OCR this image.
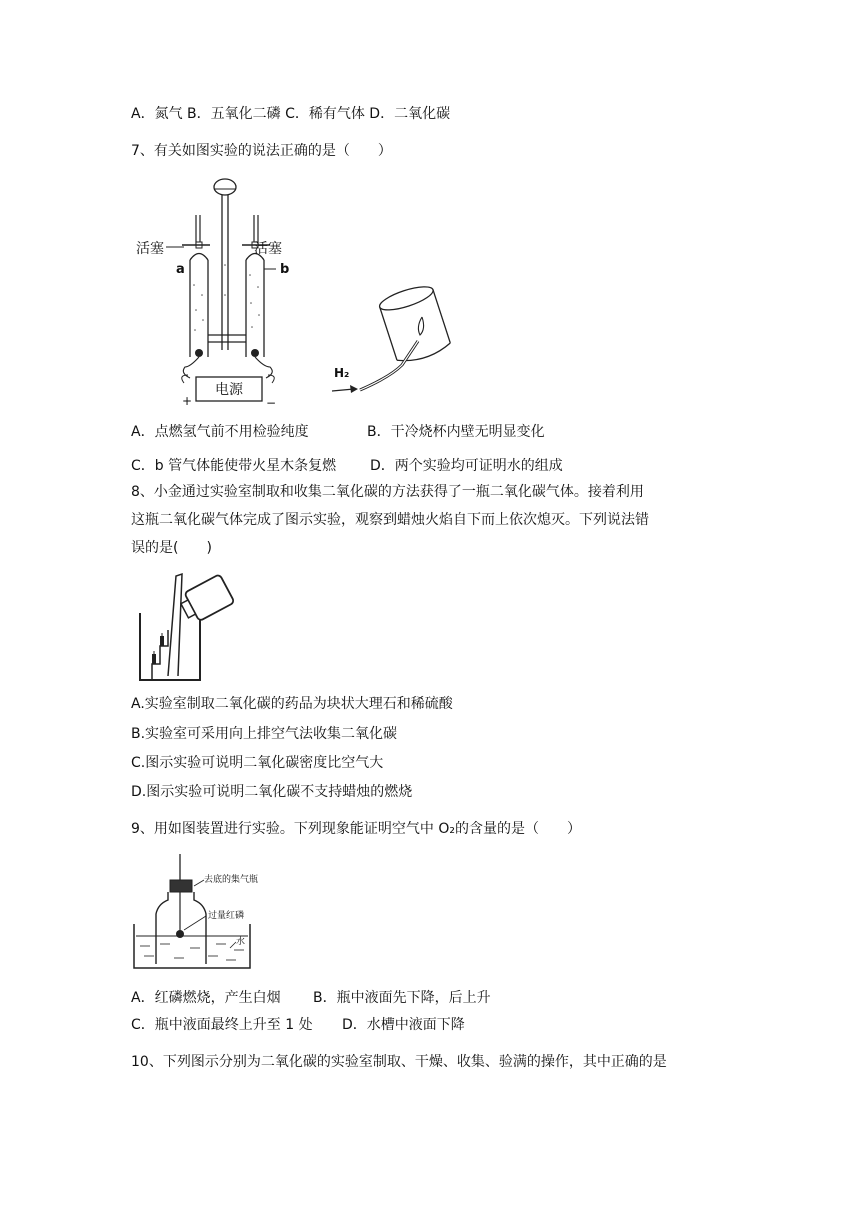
A．氮气 B．五氧化二磷 C．稀有气体 D．二氧化碳
7、有关如图实验的说法正确的是（　　）
电源
+	−
活塞	活塞
a	b
H₂
A．点燃氢气前不用检验纯度	B．干冷烧杯内壁无明显变化
C．b 管气体能使带火星木条复燃 D．两个实验均可证明水的组成
8、小金通过实验室制取和收集二氧化碳的方法获得了一瓶二氧化碳气体。接着利用
这瓶二氧化碳气体完成了图示实验，观察到蜡烛火焰自下而上依次熄灭。下列说法错
误的是(　　)
A.实验室制取二氧化碳的药品为块状大理石和稀硫酸
B.实验室可采用向上排空气法收集二氧化碳
C.图示实验可说明二氧化碳密度比空气大
D.图示实验可说明二氧化碳不支持蜡烛的燃烧
9、用如图装置进行实验。下列现象能证明空气中 O₂的含量的是（　　）
去底的集气瓶
过量红磷
水
A．红磷燃烧，产生白烟 B．瓶中液面先下降，后上升
C．瓶中液面最终上升至 1 处 D．水槽中液面下降
10、下列图示分别为二氧化碳的实验室制取、干燥、收集、验满的操作，其中正确的是
